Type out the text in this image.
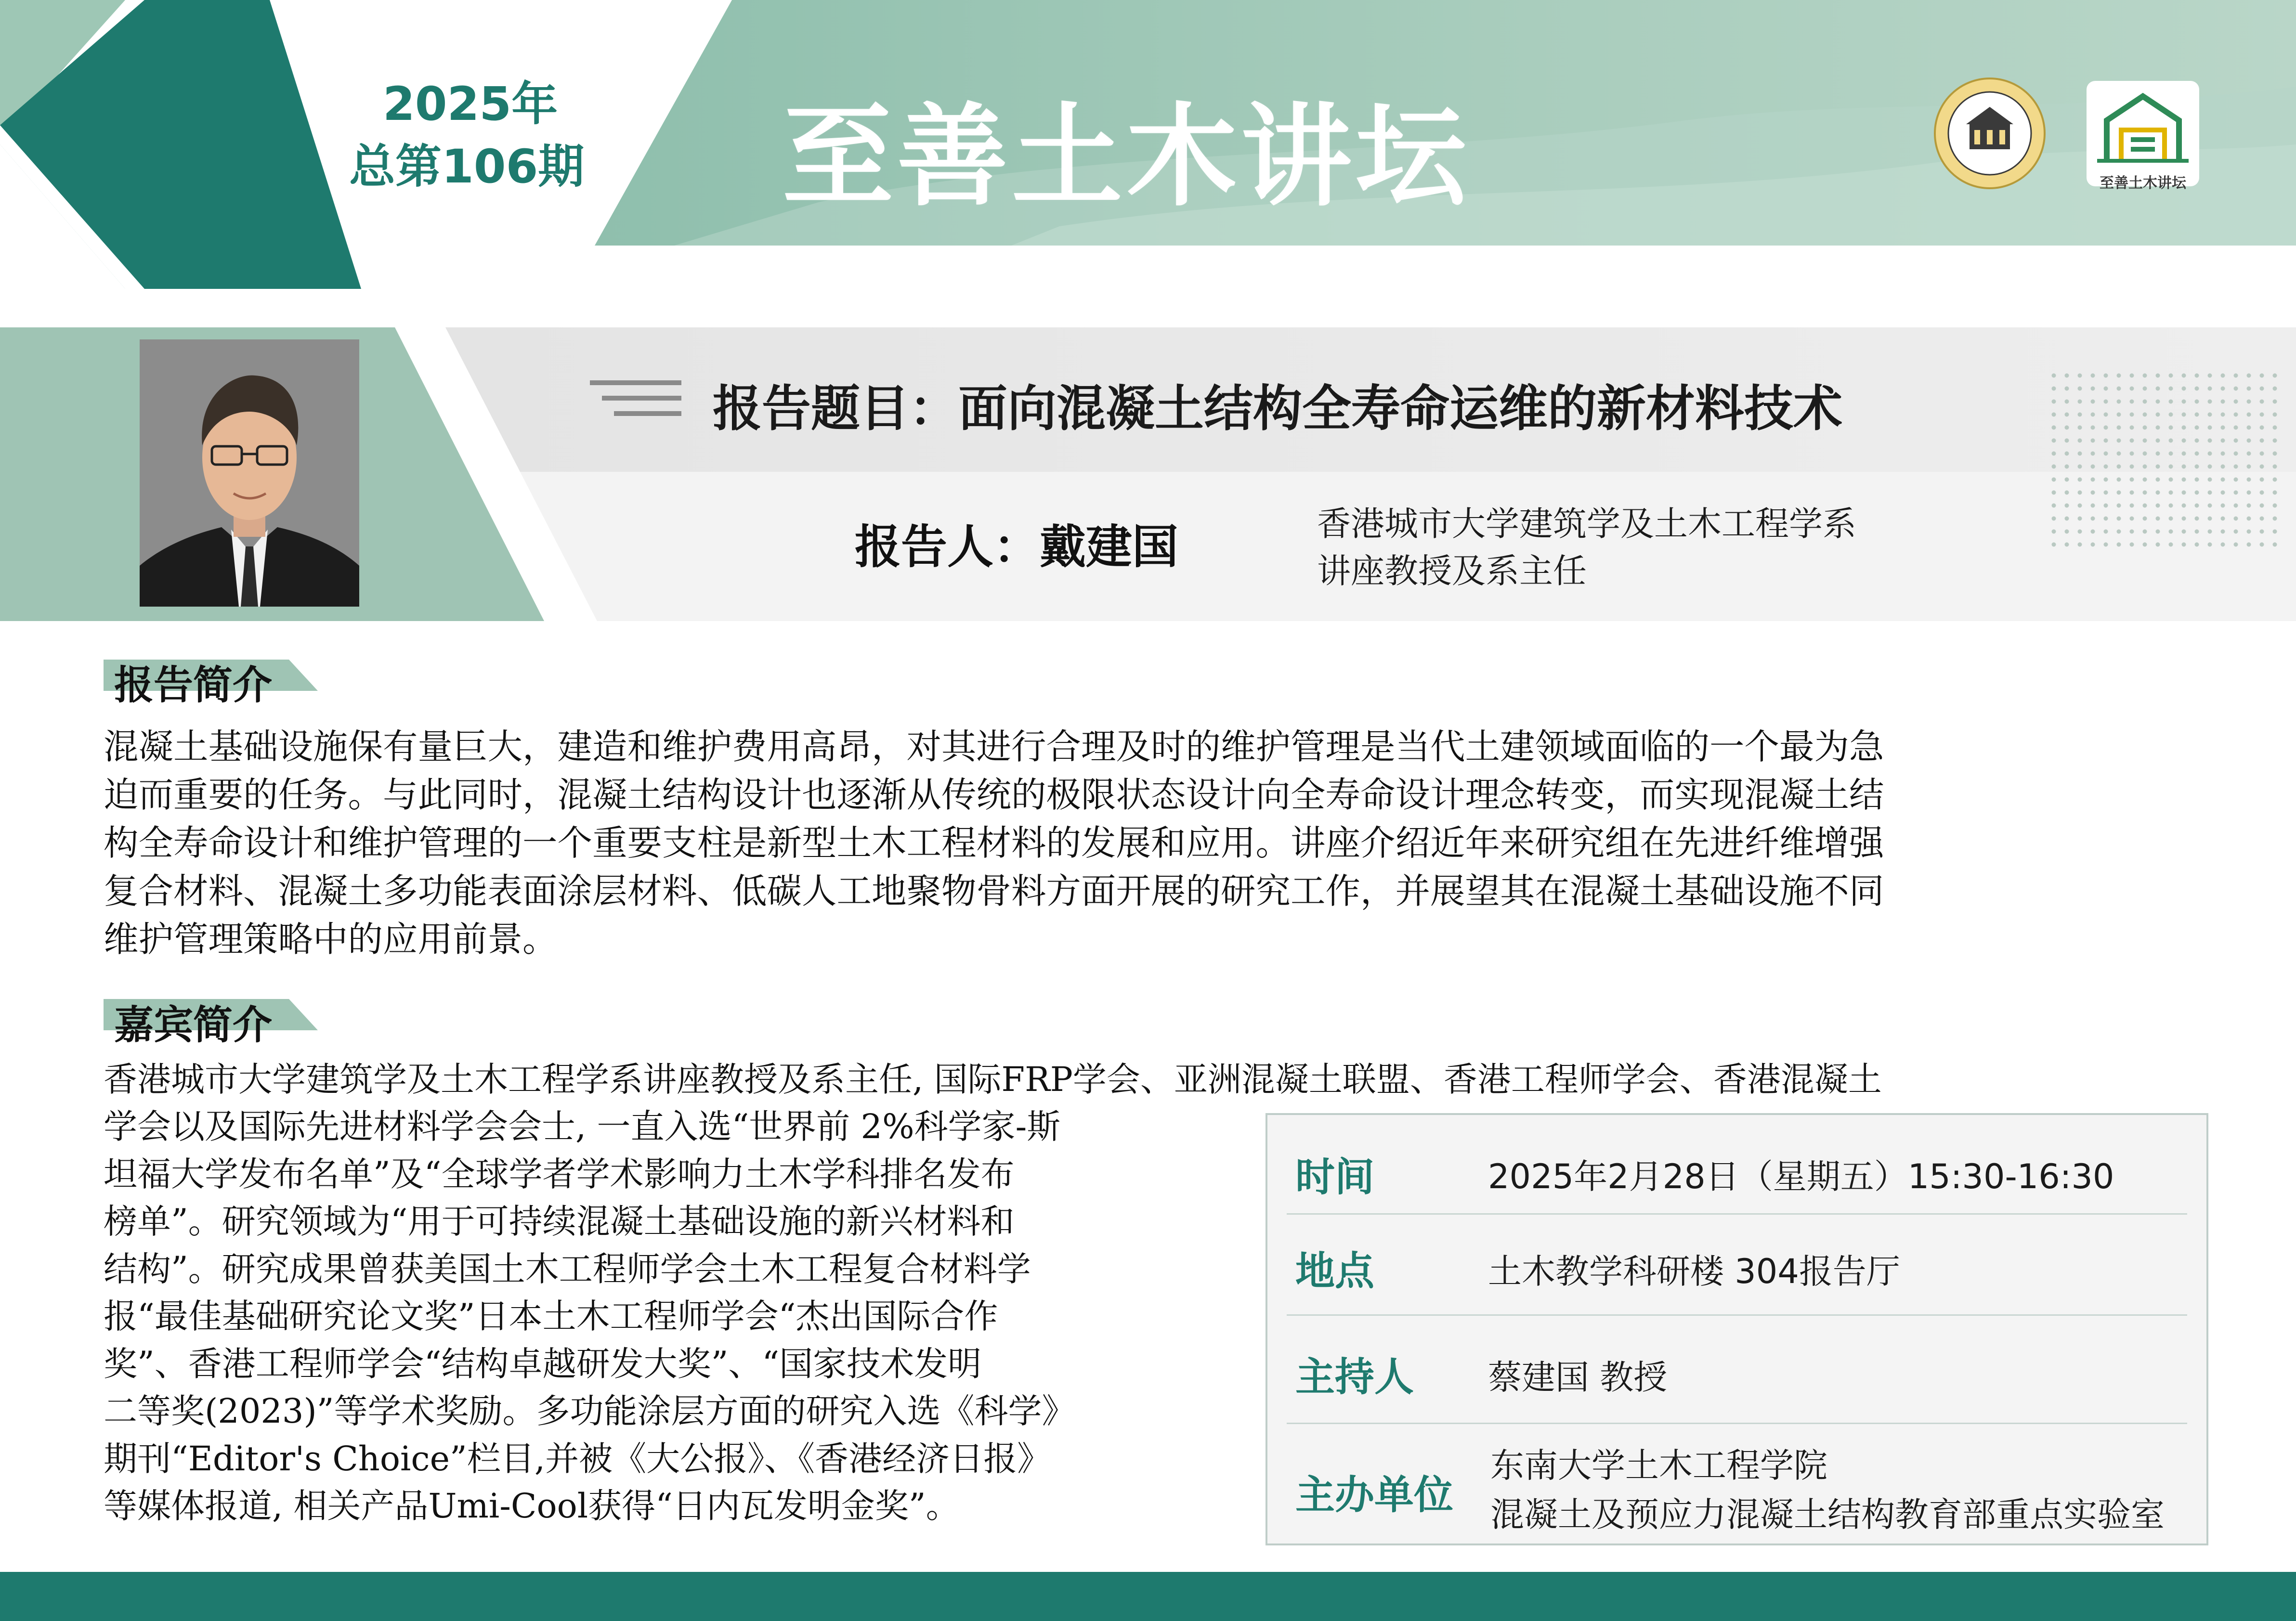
2025年
总第106期 至善土木讲坛	至善土木讲坛
报告题目：面向混凝土结构全寿命运维的新材料技术
报告人：戴建国	香港城市大学建筑学及土木工程学系
讲座教授及系主任
报告简介
混凝土基础设施保有量巨大，建造和维护费用高昂，对其进行合理及时的维护管理是当代土建领域面临的一个最为急
迫而重要的任务。与此同时，混凝土结构设计也逐渐从传统的极限状态设计向全寿命设计理念转变，而实现混凝土结
构全寿命设计和维护管理的一个重要支柱是新型土木工程材料的发展和应用。讲座介绍近年来研究组在先进纤维增强
复合材料、混凝土多功能表面涂层材料、低碳人工地聚物骨料方面开展的研究工作，并展望其在混凝土基础设施不同
维护管理策略中的应用前景。
嘉宾简介
香港城市大学建筑学及土木工程学系讲座教授及系主任, 国际FRP学会、亚洲混凝土联盟、香港工程师学会、香港混凝土
学会以及国际先进材料学会会士, 一直入选“世界前 2%科学家-斯
坦福大学发布名单”及“全球学者学术影响力土木学科排名发布
榜单”。研究领域为“用于可持续混凝土基础设施的新兴材料和
结构”。研究成果曾获美国土木工程师学会土木工程复合材料学
报“最佳基础研究论文奖”日本土木工程师学会“杰出国际合作
奖”、香港工程师学会“结构卓越研发大奖”、“国家技术发明
二等奖(2023)”等学术奖励。多功能涂层方面的研究入选《科学》
期刊“Editor's Choice”栏目,并被《大公报》、《香港经济日报》
等媒体报道, 相关产品Umi-Cool获得“日内瓦发明金奖”。
时间	2025年2月28日（星期五）15:30-16:30
地点	土木教学科研楼 304报告厅
主持人 蔡建国 教授
主办单位
东南大学土木工程学院
混凝土及预应力混凝土结构教育部重点实验室
